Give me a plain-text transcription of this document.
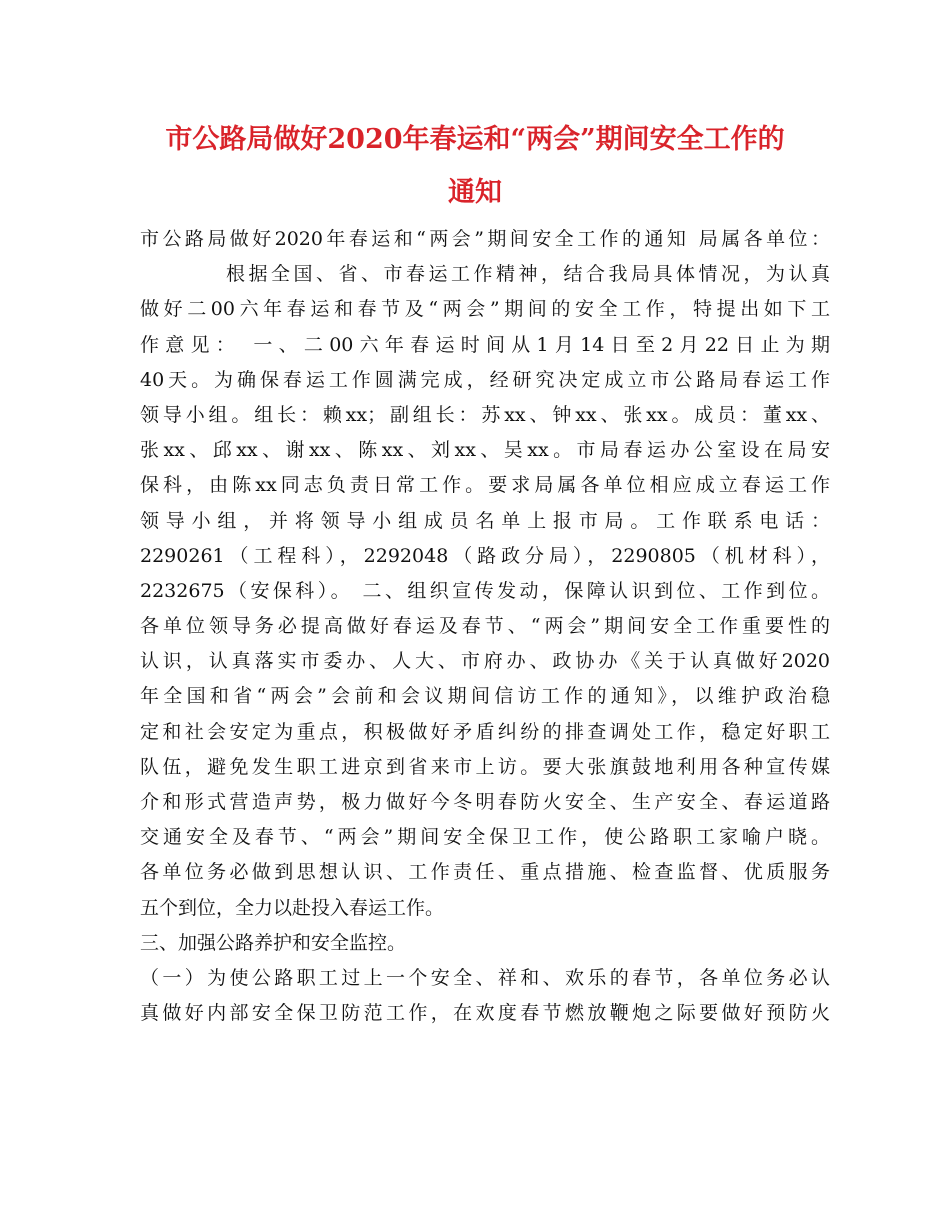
市公路局做好2020年春运和“两会”期间安全工作的
通知
市公路局做好2020年春运和“两会”期间安全工作的通知 局属各单位：
根据全国、省、市春运工作精神，结合我局具体情况，为认真
做好二00六年春运和春节及“两会”期间的安全工作，特提出如下工
作意见： 一、二00六年春运时间从1月14日至2月22日止为期
40天。为确保春运工作圆满完成，经研究决定成立市公路局春运工作
领导小组。组长：赖xx；副组长：苏xx、钟xx、张xx。成员：董xx、
张xx、邱xx、谢xx、陈xx、刘xx、吴xx。市局春运办公室设在局安
保科，由陈xx同志负责日常工作。要求局属各单位相应成立春运工作
领导小组，并将领导小组成员名单上报市局。工作联系电话：
2290261（工程科），2292048（路政分局），2290805（机材科），
2232675（安保科）。 二、组织宣传发动，保障认识到位、工作到位。
各单位领导务必提高做好春运及春节、“两会”期间安全工作重要性的
认识，认真落实市委办、人大、市府办、政协办《关于认真做好2020
年全国和省“两会”会前和会议期间信访工作的通知》，以维护政治稳
定和社会安定为重点，积极做好矛盾纠纷的排查调处工作，稳定好职工
队伍，避免发生职工进京到省来市上访。要大张旗鼓地利用各种宣传媒
介和形式营造声势，极力做好今冬明春防火安全、生产安全、春运道路
交通安全及春节、“两会”期间安全保卫工作，使公路职工家喻户晓。
各单位务必做到思想认识、工作责任、重点措施、检查监督、优质服务
五个到位，全力以赴投入春运工作。
三、加强公路养护和安全监控。
（一）为使公路职工过上一个安全、祥和、欢乐的春节，各单位务必认
真做好内部安全保卫防范工作，在欢度春节燃放鞭炮之际要做好预防火
